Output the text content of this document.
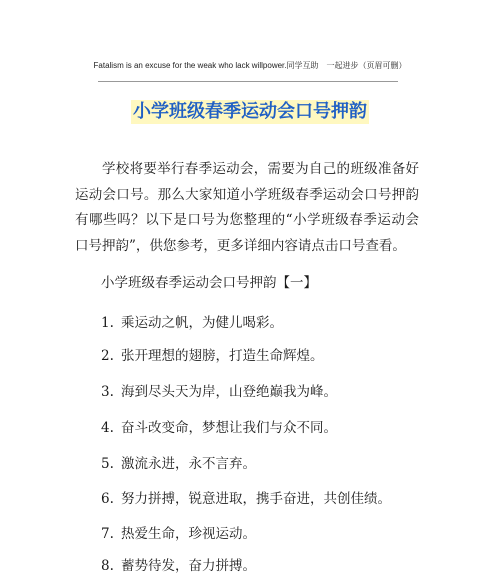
Fatalism is an excuse for the weak who lack willpower.同学互助　一起进步（页眉可删）
小学班级春季运动会口号押韵

学校将要举行春季运动会，需要为自己的班级准备好运动会口号。那么大家知道小学班级春季运动会口号押韵有哪些吗？以下是口号为您整理的“小学班级春季运动会口号押韵”，供您参考，更多详细内容请点击口号查看。

小学班级春季运动会口号押韵【一】

1. 乘运动之帆，为健儿喝彩。
2. 张开理想的翅膀，打造生命辉煌。
3. 海到尽头天为岸，山登绝巅我为峰。
4. 奋斗改变命，梦想让我们与众不同。
5. 激流永进，永不言弃。
6. 努力拼搏，锐意进取，携手奋进，共创佳绩。
7. 热爱生命，珍视运动。
8. 蓄势待发，奋力拼搏。
